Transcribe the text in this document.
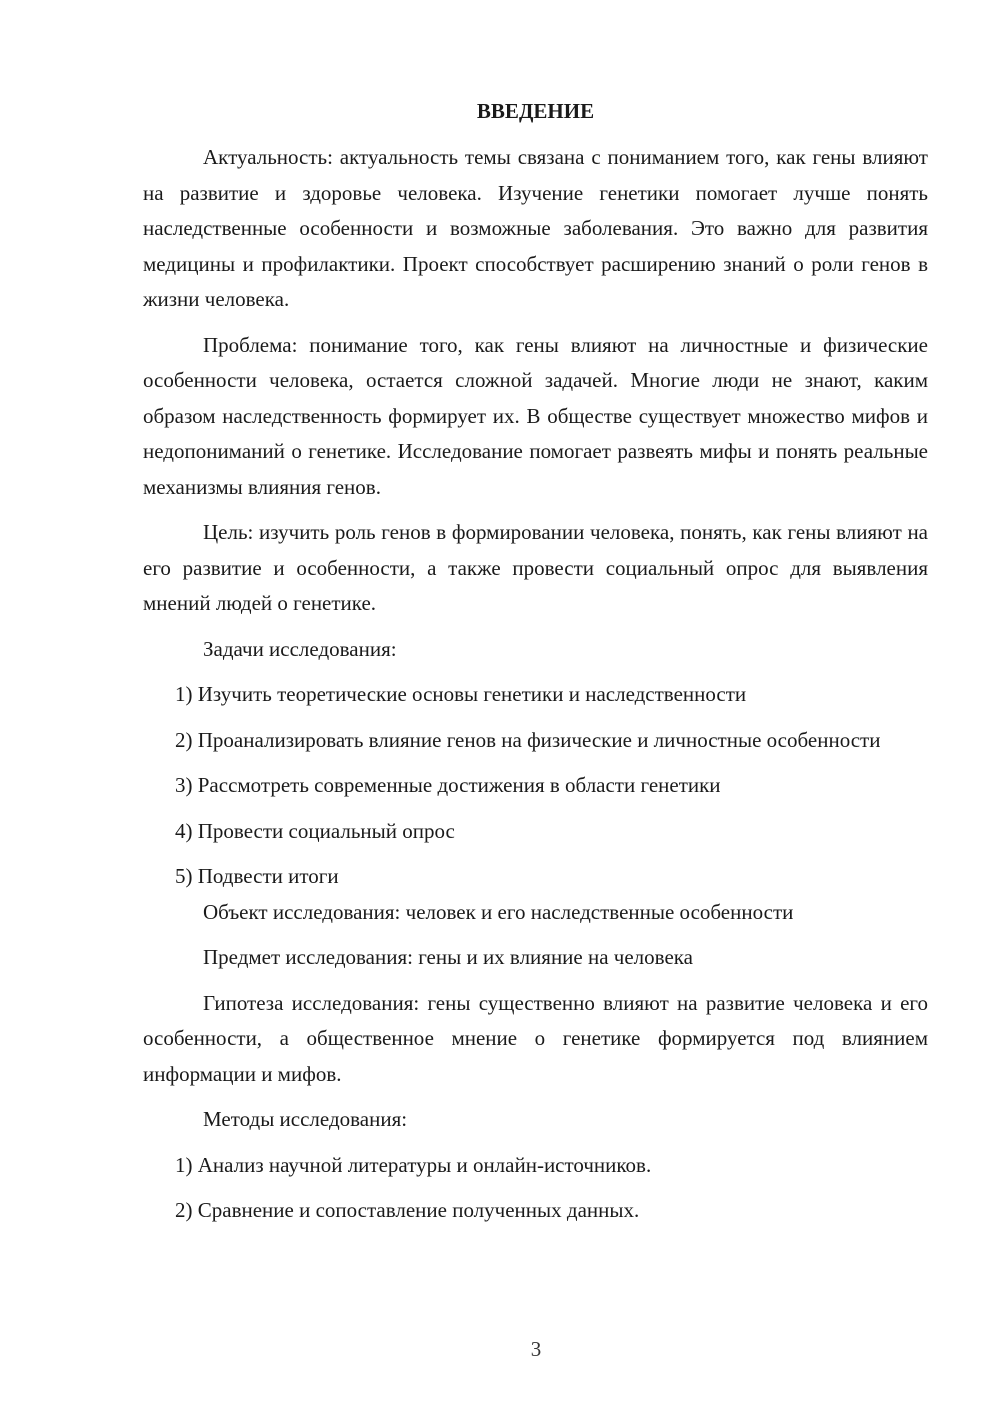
ВВЕДЕНИЕ

Актуальность: актуальность темы связана с пониманием того, как гены влияют на развитие и здоровье человека. Изучение генетики помогает лучше понять наследственные особенности и возможные заболевания. Это важно для развития медицины и профилактики. Проект способствует расширению знаний о роли генов в жизни человека.

Проблема: понимание того, как гены влияют на личностные и физические особенности человека, остается сложной задачей. Многие люди не знают, каким образом наследственность формирует их. В обществе существует множество мифов и недопониманий о генетике. Исследование помогает развеять мифы и понять реальные механизмы влияния генов.

Цель: изучить роль генов в формировании человека, понять, как гены влияют на его развитие и особенности, а также провести социальный опрос для выявления мнений людей о генетике.

Задачи исследования:

1) Изучить теоретические основы генетики и наследственности

2) Проанализировать влияние генов на физические и личностные особенности

3) Рассмотреть современные достижения в области генетики

4) Провести социальный опрос

5) Подвести итоги

Объект исследования: человек и его наследственные особенности

Предмет исследования: гены и их влияние на человека

Гипотеза исследования: гены существенно влияют на развитие человека и его особенности, а общественное мнение о генетике формируется под влиянием информации и мифов.

Методы исследования:

1) Анализ научной литературы и онлайн-источников.

2) Сравнение и сопоставление полученных данных.

3
